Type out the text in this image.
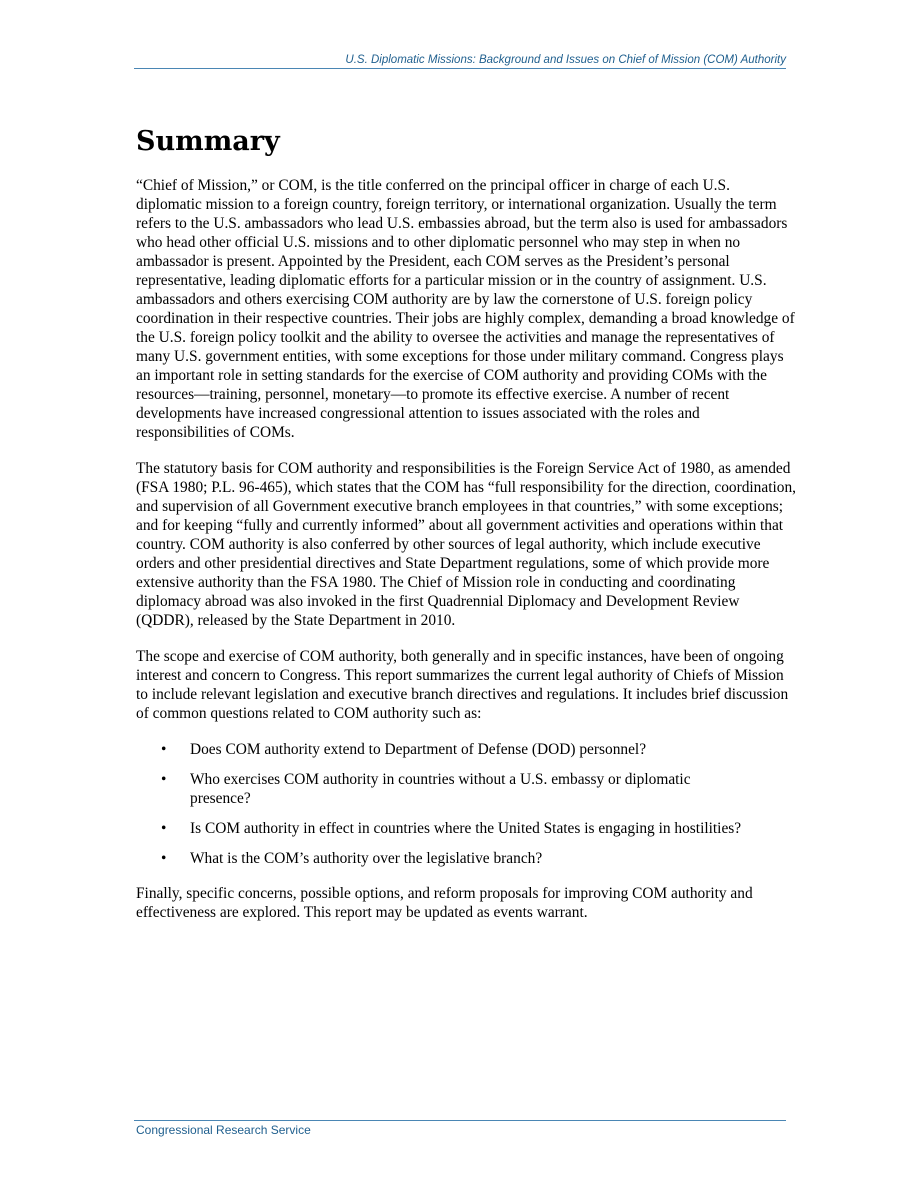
U.S. Diplomatic Missions: Background and Issues on Chief of Mission (COM) Authority
Summary

“Chief of Mission,” or COM, is the title conferred on the principal officer in charge of each U.S. diplomatic mission to a foreign country, foreign territory, or international organization. Usually the term refers to the U.S. ambassadors who lead U.S. embassies abroad, but the term also is used for ambassadors who head other official U.S. missions and to other diplomatic personnel who may step in when no ambassador is present. Appointed by the President, each COM serves as the President’s personal representative, leading diplomatic efforts for a particular mission or in the country of assignment. U.S. ambassadors and others exercising COM authority are by law the cornerstone of U.S. foreign policy coordination in their respective countries. Their jobs are highly complex, demanding a broad knowledge of the U.S. foreign policy toolkit and the ability to oversee the activities and manage the representatives of many U.S. government entities, with some exceptions for those under military command. Congress plays an important role in setting standards for the exercise of COM authority and providing COMs with the resources—training, personnel, monetary—to promote its effective exercise. A number of recent developments have increased congressional attention to issues associated with the roles and responsibilities of COMs.

The statutory basis for COM authority and responsibilities is the Foreign Service Act of 1980, as amended (FSA 1980; P.L. 96-465), which states that the COM has “full responsibility for the direction, coordination, and supervision of all Government executive branch employees in that countries,” with some exceptions; and for keeping “fully and currently informed” about all government activities and operations within that country. COM authority is also conferred by other sources of legal authority, which include executive orders and other presidential directives and State Department regulations, some of which provide more extensive authority than the FSA 1980. The Chief of Mission role in conducting and coordinating diplomacy abroad was also invoked in the first Quadrennial Diplomacy and Development Review (QDDR), released by the State Department in 2010.

The scope and exercise of COM authority, both generally and in specific instances, have been of ongoing interest and concern to Congress. This report summarizes the current legal authority of Chiefs of Mission to include relevant legislation and executive branch directives and regulations. It includes brief discussion of common questions related to COM authority such as:

• Does COM authority extend to Department of Defense (DOD) personnel?
• Who exercises COM authority in countries without a U.S. embassy or diplomatic presence?
• Is COM authority in effect in countries where the United States is engaging in hostilities?
• What is the COM’s authority over the legislative branch?

Finally, specific concerns, possible options, and reform proposals for improving COM authority and effectiveness are explored. This report may be updated as events warrant.

Congressional Research Service
